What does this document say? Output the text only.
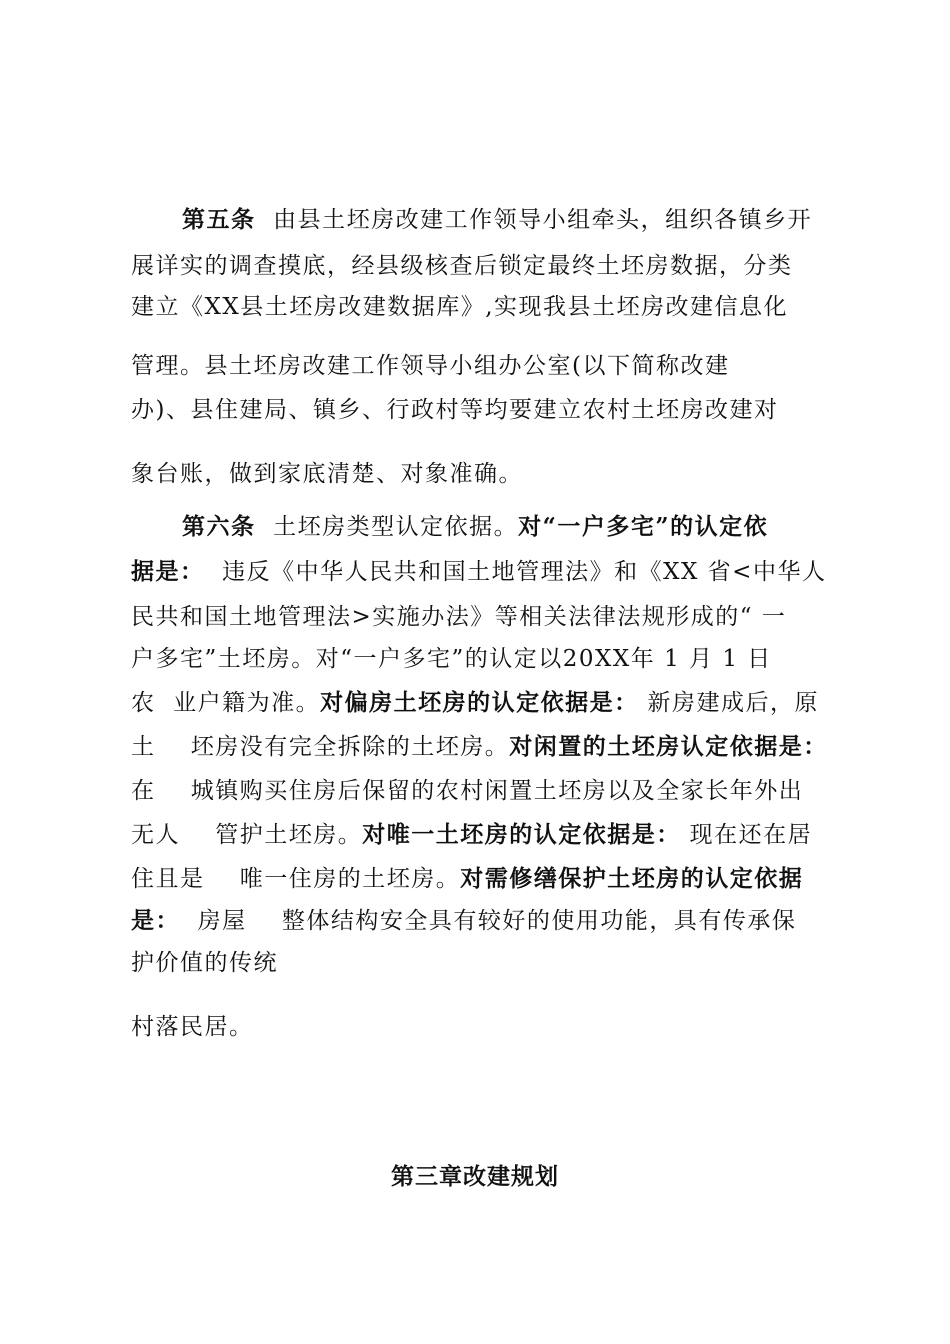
第五条 由县土坯房改建工作领导小组牵头，组织各镇乡开
展详实的调查摸底，经县级核查后锁定最终土坯房数据，分类
建立《XX县土坯房改建数据库》,实现我县土坯房改建信息化
管理。县土坯房改建工作领导小组办公室(以下简称改建
办)、县住建局、镇乡、行政村等均要建立农村土坯房改建对
象台账，做到家底清楚、对象准确。
第六条 土坯房类型认定依据。对“一户多宅”的认定依
据是： 违反《中华人民共和国土地管理法》和《XX 省<中华人
民共和国土地管理法>实施办法》等相关法律法规形成的“ 一
户多宅”土坯房。对“一户多宅”的认定以20XX年 1 月 1 日
农  业户籍为准。对偏房土坯房的认定依据是： 新房建成后，原
土    坯房没有完全拆除的土坯房。对闲置的土坯房认定依据是：
在    城镇购买住房后保留的农村闲置土坯房以及全家长年外出
无人    管护土坯房。对唯一土坯房的认定依据是： 现在还在居
住且是    唯一住房的土坯房。对需修缮保护土坯房的认定依据
是： 房屋    整体结构安全具有较好的使用功能，具有传承保
护价值的传统
村落民居。
第三章改建规划
